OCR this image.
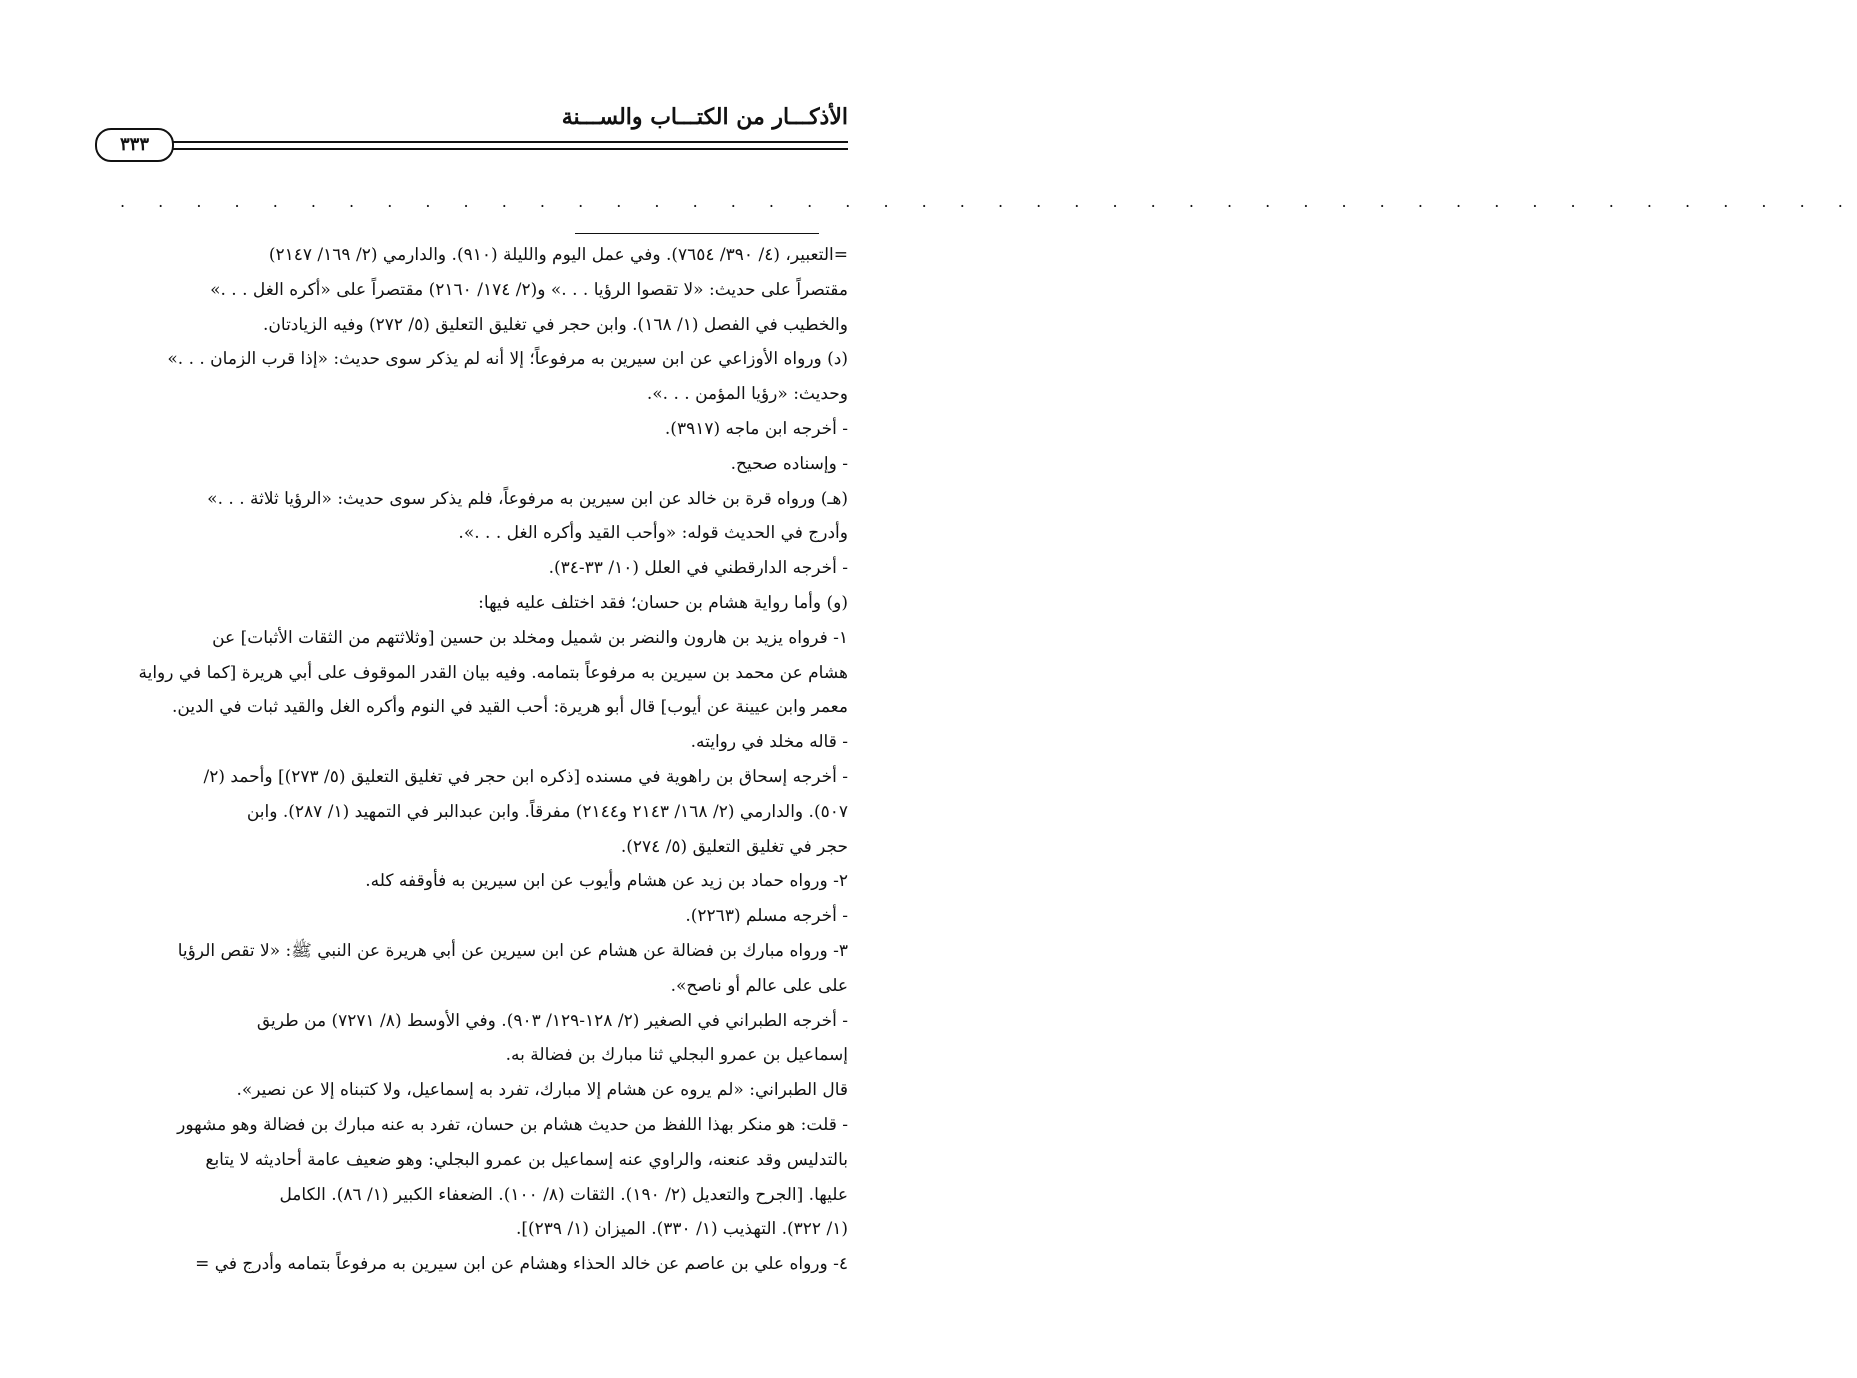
الأذكـــار من الكتـــاب والســـنة
٣٣٣
. . . . . . . . . . . . . . . . . . . . . . . . . . . . . . . . . . . . . . . . . . . . . .
=التعبير، (٤/ ٣٩٠/ ٧٦٥٤). وفي عمل اليوم والليلة (٩١٠). والدارمي (٢/ ١٦٩/ ٢١٤٧)
مقتصراً على حديث: «لا تقصوا الرؤيا . . .» و(٢/ ١٧٤/ ٢١٦٠) مقتصراً على «أكره الغل . . .»
والخطيب في الفصل (١/ ١٦٨). وابن حجر في تغليق التعليق (٥/ ٢٧٢) وفيه الزيادتان.
(د) ورواه الأوزاعي عن ابن سيرين به مرفوعاً؛ إلا أنه لم يذكر سوى حديث: «إذا قرب الزمان . . .»
وحديث: «رؤيا المؤمن . . .».
- أخرجه ابن ماجه (٣٩١٧).
- وإسناده صحيح.
(هـ) ورواه قرة بن خالد عن ابن سيرين به مرفوعاً، فلم يذكر سوى حديث: «الرؤيا ثلاثة . . .»
وأدرج في الحديث قوله: «وأحب القيد وأكره الغل . . .».
- أخرجه الدارقطني في العلل (١٠/ ٣٣-٣٤).
(و) وأما رواية هشام بن حسان؛ فقد اختلف عليه فيها:
١- فرواه يزيد بن هارون والنضر بن شميل ومخلد بن حسين [وثلاثتهم من الثقات الأثبات] عن
هشام عن محمد بن سيرين به مرفوعاً بتمامه. وفيه بيان القدر الموقوف على أبي هريرة [كما في رواية
معمر وابن عيينة عن أيوب] قال أبو هريرة: أحب القيد في النوم وأكره الغل والقيد ثبات في الدين.
- قاله مخلد في روايته.
- أخرجه إسحاق بن راهوية في مسنده [ذكره ابن حجر في تغليق التعليق (٥/ ٢٧٣)] وأحمد (٢/
٥٠٧). والدارمي (٢/ ١٦٨/ ٢١٤٣ و٢١٤٤) مفرقاً. وابن عبدالبر في التمهيد (١/ ٢٨٧). وابن
حجر في تغليق التعليق (٥/ ٢٧٤).
٢- ورواه حماد بن زيد عن هشام وأيوب عن ابن سيرين به فأوقفه كله.
- أخرجه مسلم (٢٢٦٣).
٣- ورواه مبارك بن فضالة عن هشام عن ابن سيرين عن أبي هريرة عن النبي ﷺ: «لا تقص الرؤيا
على على عالم أو ناصح».
- أخرجه الطبراني في الصغير (٢/ ١٢٨-١٢٩/ ٩٠٣). وفي الأوسط (٨/ ٧٢٧١) من طريق
إسماعيل بن عمرو البجلي ثنا مبارك بن فضالة به.
قال الطبراني: «لم يروه عن هشام إلا مبارك، تفرد به إسماعيل، ولا كتبناه إلا عن نصير».
- قلت: هو منكر بهذا اللفظ من حديث هشام بن حسان، تفرد به عنه مبارك بن فضالة وهو مشهور
بالتدليس وقد عنعنه، والراوي عنه إسماعيل بن عمرو البجلي: وهو ضعيف عامة أحاديثه لا يتابع
عليها. [الجرح والتعديل (٢/ ١٩٠). الثقات (٨/ ١٠٠). الضعفاء الكبير (١/ ٨٦). الكامل
(١/ ٣٢٢). التهذيب (١/ ٣٣٠). الميزان (١/ ٢٣٩)].
٤- ورواه علي بن عاصم عن خالد الحذاء وهشام عن ابن سيرين به مرفوعاً بتمامه وأدرج في =
